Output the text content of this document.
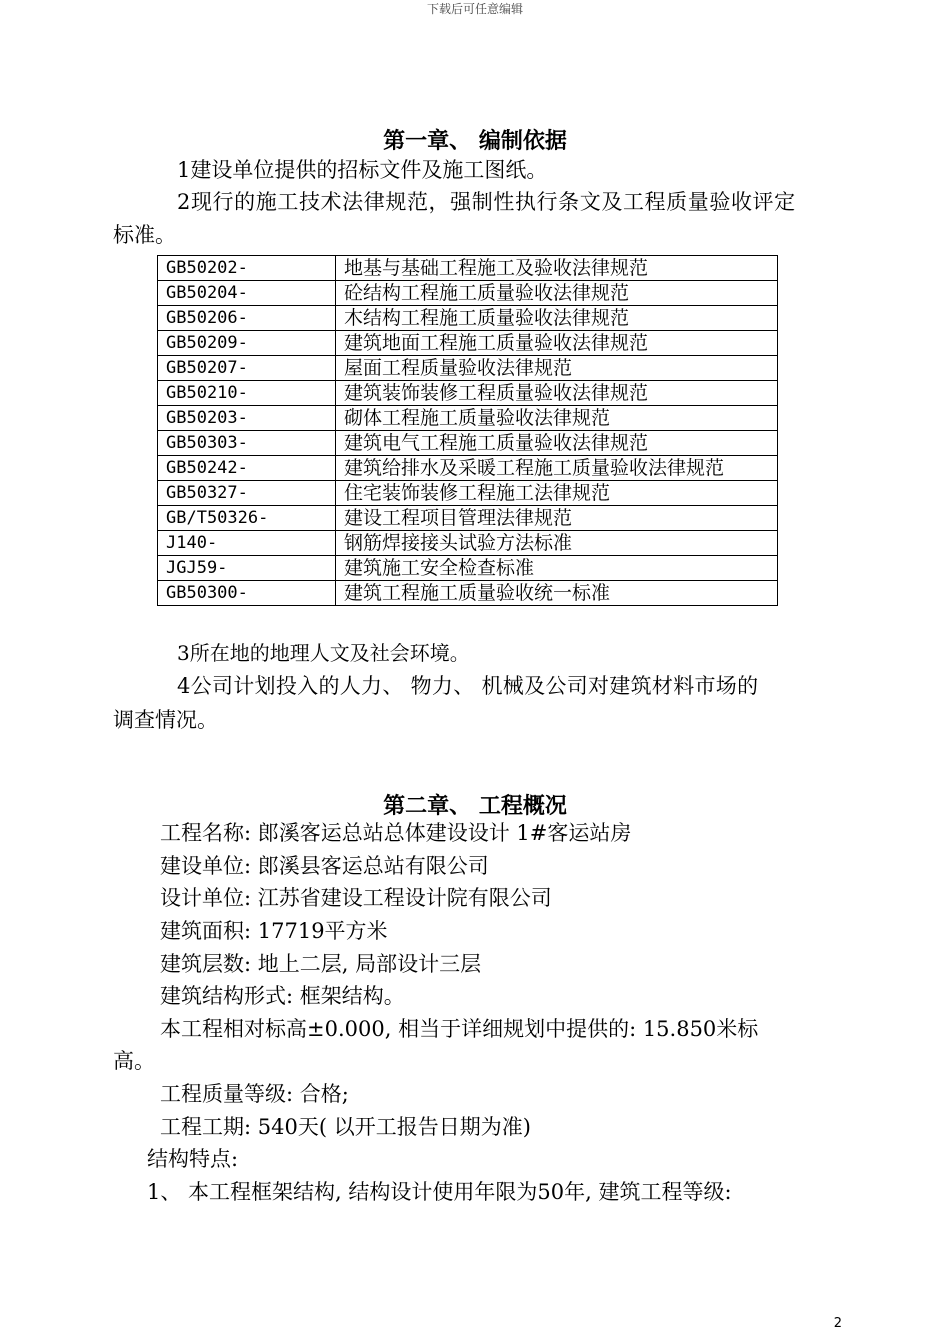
下载后可任意编辑
第一章、 编制依据
1建设单位提供的招标文件及施工图纸。
2现行的施工技术法律规范，强制性执行条文及工程质量验收评定
标准。
GB50202-	地基与基础工程施工及验收法律规范
GB50204-	砼结构工程施工质量验收法律规范
GB50206-	木结构工程施工质量验收法律规范
GB50209-	建筑地面工程施工质量验收法律规范
GB50207-	屋面工程质量验收法律规范
GB50210-	建筑装饰装修工程质量验收法律规范
GB50203-	砌体工程施工质量验收法律规范
GB50303-	建筑电气工程施工质量验收法律规范
GB50242-	建筑给排水及采暖工程施工质量验收法律规范
GB50327-	住宅装饰装修工程施工法律规范
GB/T50326-	建设工程项目管理法律规范
J140-	钢筋焊接接头试验方法标准
JGJ59-	建筑施工安全检查标准
GB50300-	建筑工程施工质量验收统一标准
3所在地的地理人文及社会环境。
4公司计划投入的人力、 物力、 机械及公司对建筑材料市场的
调查情况。
第二章、 工程概况
工程名称: 郎溪客运总站总体建设设计 1#客运站房
建设单位: 郎溪县客运总站有限公司
设计单位: 江苏省建设工程设计院有限公司
建筑面积: 17719平方米
建筑层数: 地上二层, 局部设计三层
建筑结构形式: 框架结构。
本工程相对标高±0.000, 相当于详细规划中提供的: 15.850米标
高。
工程质量等级: 合格;
工程工期: 540天( 以开工报告日期为准)
结构特点:
1、 本工程框架结构, 结构设计使用年限为50年, 建筑工程等级:
2
